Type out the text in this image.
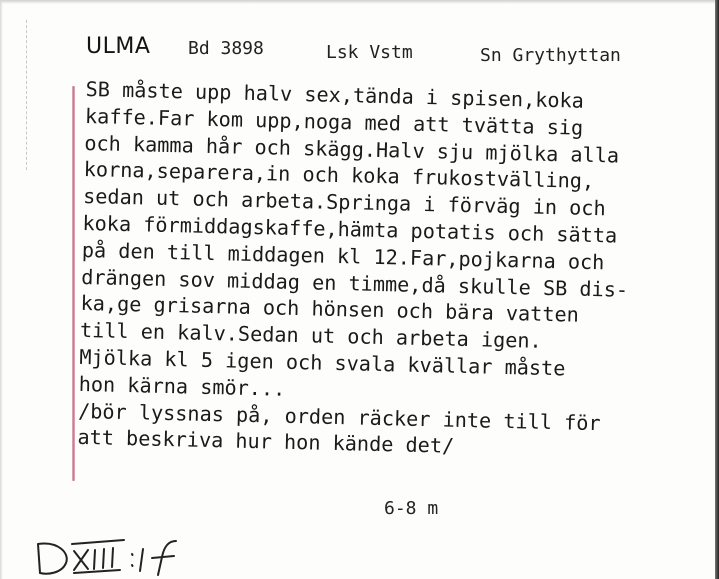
ULMA Bd 3898	Lsk Vstm	Sn Grythyttan
SB måste upp halv sex,tända i spisen,koka
kaffe.Far kom upp,noga med att tvätta sig
och kamma hår och skägg.Halv sju mjölka alla
korna,separera,in och koka frukostvälling,
sedan ut och arbeta.Springa i förväg in och
koka förmiddagskaffe,hämta potatis och sätta
på den till middagen kl 12.Far,pojkarna och
drängen sov middag en timme,då skulle SB dis-
ka,ge grisarna och hönsen och bära vatten
till en kalv.Sedan ut och arbeta igen.
Mjölka kl 5 igen och svala kvällar måste
hon kärna smör...
/bör lyssnas på, orden räcker inte till för
att beskriva hur hon kände det/
6-8 m
